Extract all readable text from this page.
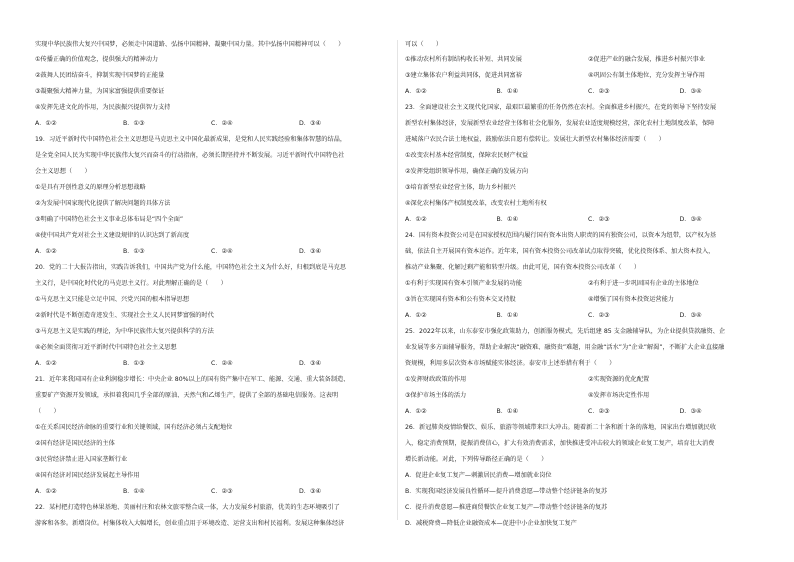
实现中华民族伟大复兴中国梦，必须走中国道路、弘扬中国精神、凝聚中国力量。其中弘扬中国精神可以（　　）
①传播正确的价值观念，提供强大的精神动力
②鼓舞人民团结奋斗，抑制实现中国梦的正能量
③凝聚强大精神力量，为国家富强提供重要保证
④发挥先进文化的作用，为民族振兴提供智力支持
A．①②	B．①③	C．②④	D．③④
19．习近平新时代中国特色社会主义思想是马克思主义中国化最新成果，是党和人民实践经验和集体智慧的结晶，
是全党全国人民为实现中华民族伟大复兴而奋斗的行动指南，必须长期坚持并不断发展。习近平新时代中国特色社
会主义思想（　　）
①是具有开创性意义的原理分析思想战略
②为发展中国家现代化提供了解决问题的具体方法
③明确了中国特色社会主义事业总体布局是“四个全面”
④使中国共产党对社会主义建设规律的认识达到了新高度
A．①②	B．①③	C．②④	D．③④
20．党的二十大报告指出，实践告诉我们，中国共产党为什么能，中国特色社会主义为什么好，归根到底是马克思
主义行，是中国化时代化的马克思主义行。对此理解正确的是（　　）
①马克思主义只能是立足中国、兴党兴国的根本指导思想
②新时代是不断创造奇迹发生、实现社会主义人民同梦富强的时代
③马克思主义是实践的理论，为中华民族伟大复兴提供科学的方法
④必须全面贯彻习近平新时代中国特色社会主义思想
A．①②	B．①③	C．②④	D．③④
21．近年来我国国有企业利润稳步增长：中央企业 80%以上的国有资产集中在军工、能源、交通、重大装备制造、
重要矿产资源开发领域，承担着我国几乎全部的原油、天然气和乙烯生产，提供了全部的基础电信服务。这表明
（　　）
①在关系国民经济命脉的重要行业和关键领域，国有经济必须占支配地位
②国有经济是国民经济的主体
③民营经济禁止进入国家垄断行业
④国有经济对国民经济发展起主导作用
A．①②	B．①④	C．②③	D．③④
22．某村把打造特色林果基地、美丽村庄和农林文旅零整合成一体，大力发展乡村旅游，优美的生态环境吸引了
游客和各参。新增岗位。村集体收入大幅增长，创业重点用于环境改造、运营支出和村民福利。发展这种集体经济
可以（　　）
①推动农村所有制结构收长补短、共同发展	②促进产业的融合发展，推进乡村振兴事业
③建立集体农户利益共同体，促进共同富裕	④巩固公有制主体地位，充分发挥主导作用
A．①②	B．①④	C．②③	D．③④
23．全面建设社会主义现代化国家，最艰巨最繁重的任务仍然在农村。全面推进乡村振兴，在党的领导下坚持发展
新型农村集体经济，发展新型农业经营主体和社会化服务，发展农业适度规模经营，深化农村土地制度改革，保障
进城落户农民合法土地权益，鼓励依法自愿有偿转让。发展壮大新型农村集体经济需要（　　）
①改变农村基本经营制度，保障农民财产权益
②发挥党组织领导作用，确保正确的发展方向
③培育新型农业经营主体，助力乡村振兴
④深化农村集体产权制度改革，改变农村土地所有权
A．①②	B．①④	C．②③	D．③④
24．国有资本投资公司是在国家授权范围内履行国有资本出资人职责的国有独资公司，以资本为纽带，以产权为基
础，依法自主开展国有资本运作。近年来，国有资本投资公司改革试点取得突破，优化投资体系、加大资本投入，
推动产业集聚、化解过剩产能和转型升级。由此可见，国有资本投资公司改革（　　）
①有利于实现国有资本引领产业发展的功能	②有利于进一步巩固国有企业的主体地位
③旨在实现国有资本和公有资本交叉持股	④增强了国有资本投资运营能力
A．①②	B．①④	C．②③	D．③④
25．2022年以来，山东泰安市强化政策助力，创新服务模式，先后组建 85 支金融辅导队，为企业提供贷款融资、企
业发展等多方面辅导服务，帮助企业解决“融资难、融资贵”难题，用金融“活水”为“企业”解渴”，不断扩大企业直接融
资规模，利用多层次资本市场赋能实体经济。泰安市上述举措有利于（　　）
①发挥财政政策的作用	②实现资源的优化配置
③保护市场主体的活力	④发挥市场决定性作用
A．①②	B．①④	C．②③	D．③④
26．新冠肺炎疫情给餐饮、娱乐、旅游等领域带来巨大冲击。随着新二十条和新十条的落地，国家出台增加就民收
入，稳定消费预期，提振消费信心，扩大有效消费需求，加快推进受冲击较大的领域企业复工复产，培育壮大消费
增长新动能。对此，下列传导路径正确的是（　　）
A．促进企业复工复产—刺激居民消费—增加就业岗位
B．实现我国经济发展良性循环—提升消费意愿—带动整个经济链条的复苏
C．提升消费意愿—推进商贸餐饮企业复工复产—带动整个经济链条的复苏
D．减税降费—降低企业融资成本—促进中小企业加快复工复产
